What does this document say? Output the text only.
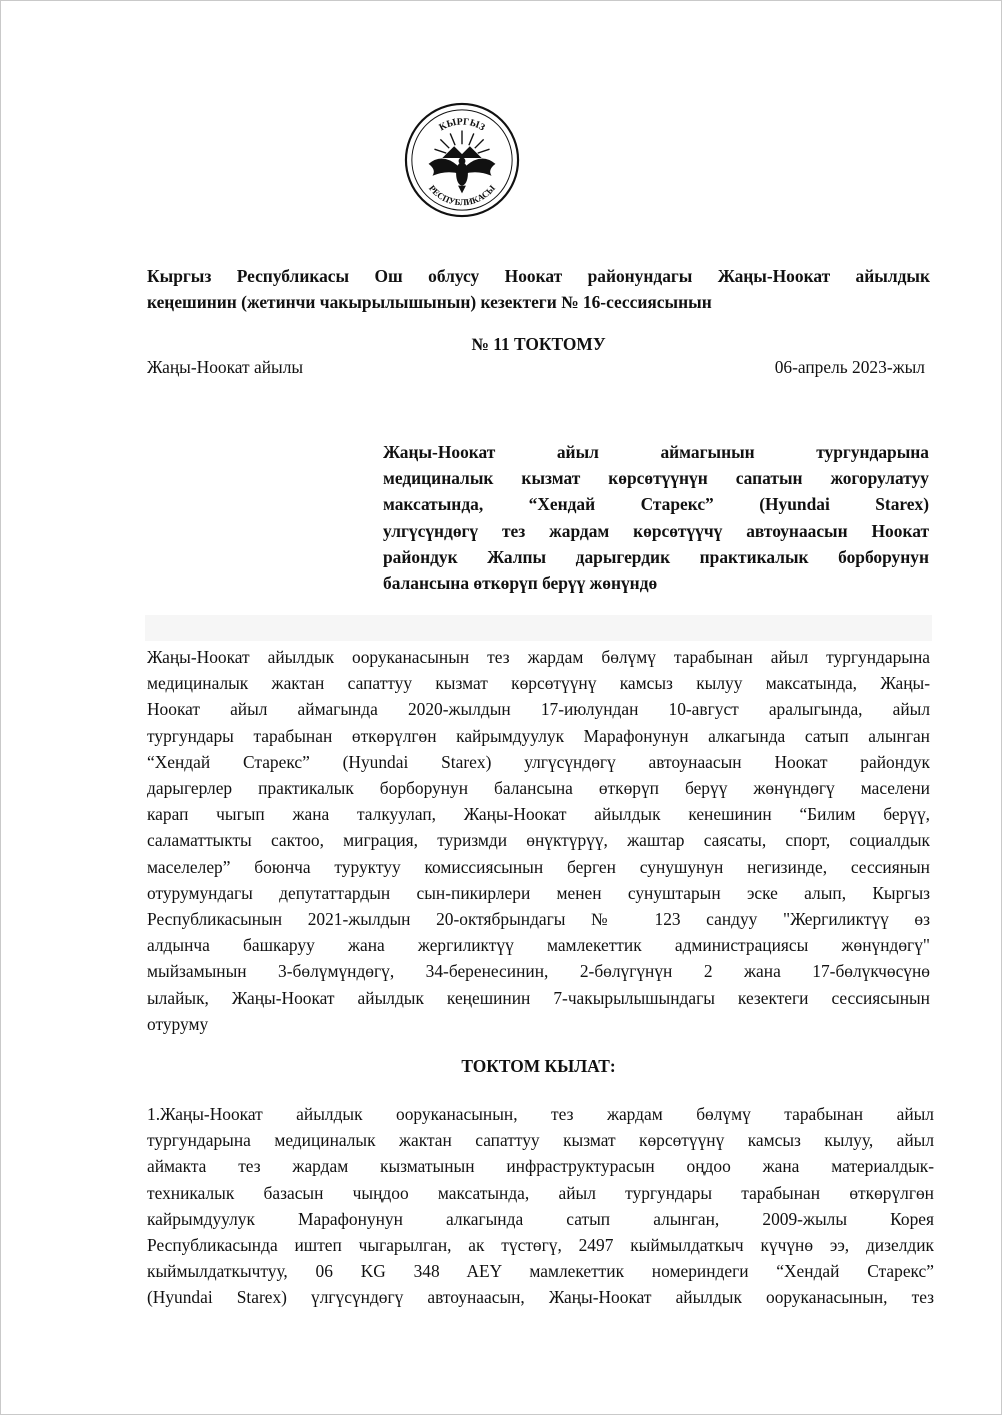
КЫРГЫЗ
РЕСПУБЛИКАСЫ
Кыргыз Республикасы Ош облусу Ноокат районундагы Жаңы-Ноокат айылдык
кеңешинин (жетинчи чакырылышынын) кезектеги № 16-сессиясынын

№ 11 ТОКТОМУ

Жаңы-Ноокат айылы	06-апрель 2023-жыл

Жаңы-Ноокат айыл аймагынын тургундарына
медициналык кызмат көрсөтүүнүн сапатын жогорулатуу
максатында, “Хендай Старекс” (Hyundai Starex)
улгүсүндөгү тез жардам көрсөтүүчү автоунаасын Ноокат
райондук Жалпы дарыгердик практикалык борборунун
балансына өткөрүп берүү жөнүндө
Жаңы-Ноокат айылдык ооруканасынын тез жардам бөлүмү тарабынан айыл тургундарына
медициналык жактан сапаттуу кызмат көрсөтүүнү камсыз кылуу максатында, Жаңы-
Ноокат айыл аймагында 2020-жылдын 17-июлундан 10-август аралыгында, айыл
тургундары тарабынан өткөрүлгөн кайрымдуулук Марафонунун алкагында сатып алынган
“Хендай Старекс” (Hyundai Starex) улгүсүндөгү автоунаасын Ноокат райондук
дарыгерлер практикалык борборунун балансына өткөрүп берүү жөнүндөгү маселени
карап чыгып жана талкуулап, Жаңы-Ноокат айылдык кенешинин “Билим берүү,
саламаттыкты сактоо, миграция, туризмди өнүктүрүү, жаштар саясаты, спорт, социалдык
маселелер” боюнча туруктуу комиссиясынын берген сунушунун негизинде, сессиянын
отурумундагы депутаттардын сын-пикирлери менен сунуштарын эске алып, Кыргыз
Республикасынын 2021-жылдын 20-октябрындагы № 123 сандуу "Жергиликтүү өз
алдынча башкаруу жана жергиликтүү мамлекеттик администрациясы жөнүндөгү"
мыйзамынын 3-бөлүмүндөгү, 34-беренесинин, 2-бөлүгүнүн 2 жана 17-бөлүкчөсүнө
ылайык, Жаңы-Ноокат айылдык кеңешинин 7-чакырылышындагы кезектеги сессиясынын
отуруму

ТОКТОМ КЫЛАТ:

1.Жаңы-Ноокат айылдык ооруканасынын, тез жардам бөлүмү тарабынан айыл
тургундарына медициналык жактан сапаттуу кызмат көрсөтүүнү камсыз кылуу, айыл
аймакта тез жардам кызматынын инфраструктурасын оңдоо жана материалдык-
техникалык базасын чыңдоо максатында, айыл тургундары тарабынан өткөрүлгөн
кайрымдуулук Марафонунун алкагында сатып алынган, 2009-жылы Корея
Республикасында иштеп чыгарылган, ак түстөгү, 2497 кыймылдаткыч күчүнө ээ, дизелдик
кыймылдаткычтуу, 06 KG 348 AEY мамлекеттик номериндеги “Хендай Старекс”
(Hyundai Starex) үлгүсүндөгү автоунаасын, Жаңы-Ноокат айылдык ооруканасынын, тез
